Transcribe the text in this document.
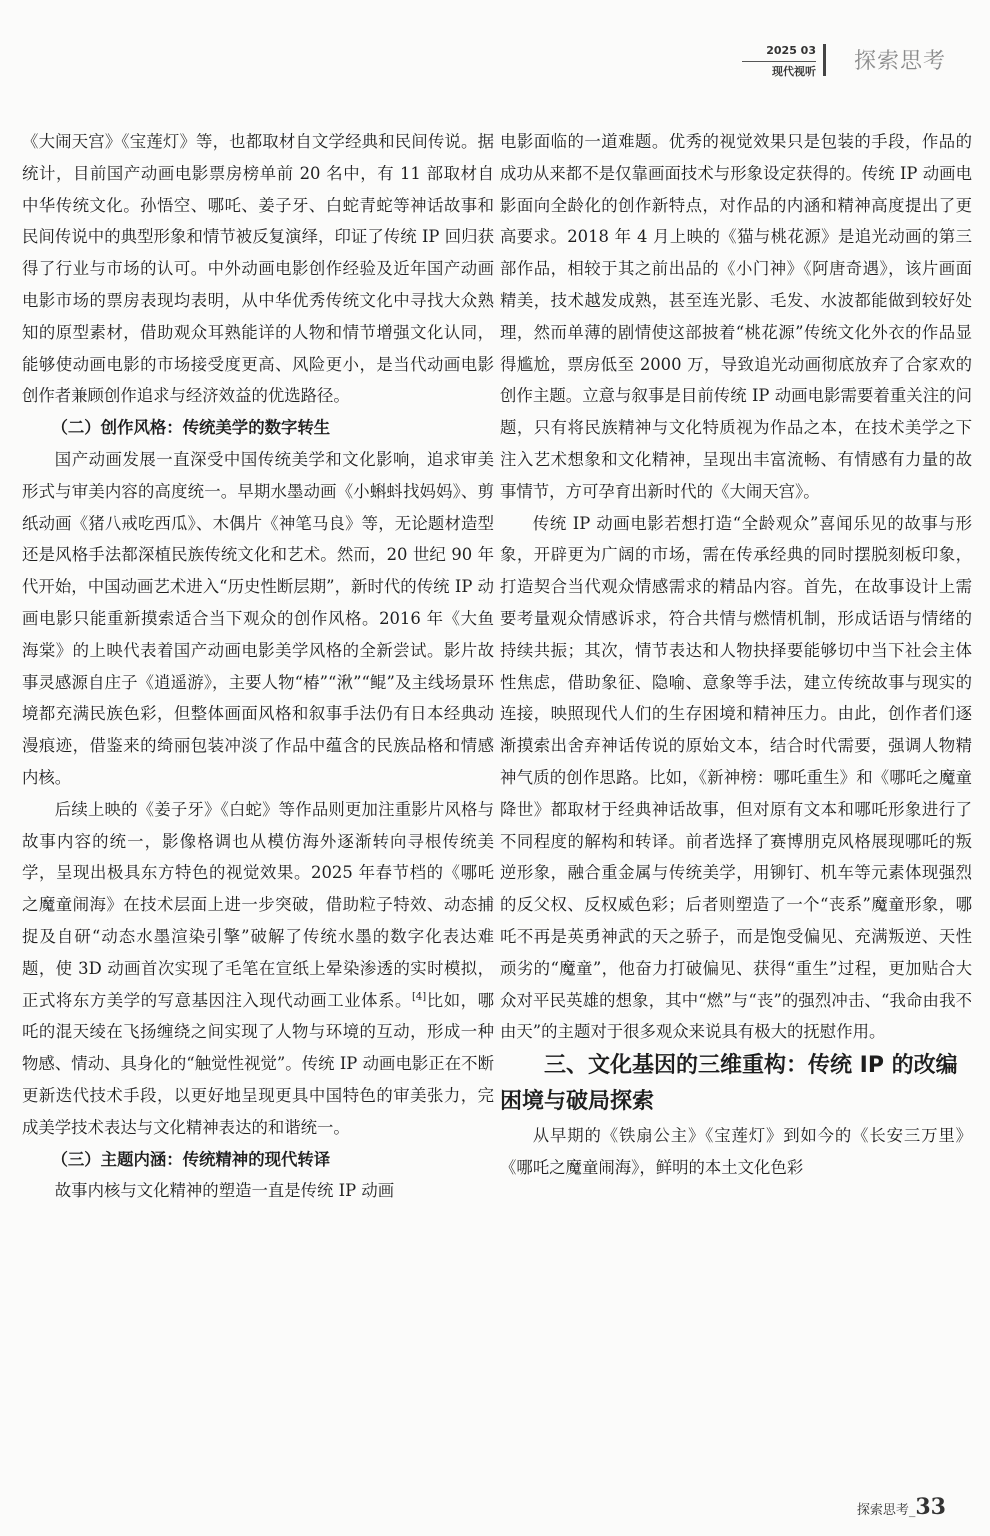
2025 03
现代视听 探索思考

《大闹天宫》《宝莲灯》等，也都取材自文学经典和民间传说。据统计，目前国产动画电影票房榜单前 20 名中，有 11 部取材自中华传统文化。孙悟空、哪吒、姜子牙、白蛇青蛇等神话故事和民间传说中的典型形象和情节被反复演绎，印证了传统 IP 回归获得了行业与市场的认可。中外动画电影创作经验及近年国产动画电影市场的票房表现均表明，从中华优秀传统文化中寻找大众熟知的原型素材，借助观众耳熟能详的人物和情节增强文化认同，能够使动画电影的市场接受度更高、风险更小，是当代动画电影创作者兼顾创作追求与经济效益的优选路径。

（二）创作风格：传统美学的数字转生

国产动画发展一直深受中国传统美学和文化影响，追求审美形式与审美内容的高度统一。早期水墨动画《小蝌蚪找妈妈》、剪纸动画《猪八戒吃西瓜》、木偶片《神笔马良》等，无论题材造型还是风格手法都深植民族传统文化和艺术。然而，20 世纪 90 年代开始，中国动画艺术进入“历史性断层期”，新时代的传统 IP 动画电影只能重新摸索适合当下观众的创作风格。2016 年《大鱼海棠》的上映代表着国产动画电影美学风格的全新尝试。影片故事灵感源自庄子《逍遥游》，主要人物“椿”“湫”“鲲”及主线场景环境都充满民族色彩，但整体画面风格和叙事手法仍有日本经典动漫痕迹，借鉴来的绮丽包装冲淡了作品中蕴含的民族品格和情感内核。

后续上映的《姜子牙》《白蛇》等作品则更加注重影片风格与故事内容的统一，影像格调也从模仿海外逐渐转向寻根传统美学，呈现出极具东方特色的视觉效果。2025 年春节档的《哪吒之魔童闹海》在技术层面上进一步突破，借助粒子特效、动态捕捉及自研“动态水墨渲染引擎”破解了传统水墨的数字化表达难题，使 3D 动画首次实现了毛笔在宣纸上晕染渗透的实时模拟，正式将东方美学的写意基因注入现代动画工业体系。[4]比如，哪吒的混天绫在飞扬缠绕之间实现了人物与环境的互动，形成一种物感、情动、具身化的“触觉性视觉”。传统 IP 动画电影正在不断更新迭代技术手段，以更好地呈现更具中国特色的审美张力，完成美学技术表达与文化精神表达的和谐统一。

（三）主题内涵：传统精神的现代转译

故事内核与文化精神的塑造一直是传统 IP 动画

电影面临的一道难题。优秀的视觉效果只是包装的手段，作品的成功从来都不是仅靠画面技术与形象设定获得的。传统 IP 动画电影面向全龄化的创作新特点，对作品的内涵和精神高度提出了更高要求。2018 年 4 月上映的《猫与桃花源》是追光动画的第三部作品，相较于其之前出品的《小门神》《阿唐奇遇》，该片画面精美，技术越发成熟，甚至连光影、毛发、水波都能做到较好处理，然而单薄的剧情使这部披着“桃花源”传统文化外衣的作品显得尴尬，票房低至 2000 万，导致追光动画彻底放弃了合家欢的创作主题。立意与叙事是目前传统 IP 动画电影需要着重关注的问题，只有将民族精神与文化特质视为作品之本，在技术美学之下注入艺术想象和文化精神，呈现出丰富流畅、有情感有力量的故事情节，方可孕育出新时代的《大闹天宫》。

传统 IP 动画电影若想打造“全龄观众”喜闻乐见的故事与形象，开辟更为广阔的市场，需在传承经典的同时摆脱刻板印象，打造契合当代观众情感需求的精品内容。首先，在故事设计上需要考量观众情感诉求，符合共情与燃情机制，形成话语与情绪的持续共振；其次，情节表达和人物抉择要能够切中当下社会主体性焦虑，借助象征、隐喻、意象等手法，建立传统故事与现实的连接，映照现代人们的生存困境和精神压力。由此，创作者们逐渐摸索出舍弃神话传说的原始文本，结合时代需要，强调人物精神气质的创作思路。比如，《新神榜：哪吒重生》和《哪吒之魔童降世》都取材于经典神话故事，但对原有文本和哪吒形象进行了不同程度的解构和转译。前者选择了赛博朋克风格展现哪吒的叛逆形象，融合重金属与传统美学，用铆钉、机车等元素体现强烈的反父权、反权威色彩；后者则塑造了一个“丧系”魔童形象，哪吒不再是英勇神武的天之骄子，而是饱受偏见、充满叛逆、天性顽劣的“魔童”，他奋力打破偏见、获得“重生”过程，更加贴合大众对平民英雄的想象，其中“燃”与“丧”的强烈冲击、“我命由我不由天”的主题对于很多观众来说具有极大的抚慰作用。

三、文化基因的三维重构：传统 IP 的改编困境与破局探索

从早期的《铁扇公主》《宝莲灯》到如今的《长安三万里》《哪吒之魔童闹海》，鲜明的本土文化色彩

探索思考_33
